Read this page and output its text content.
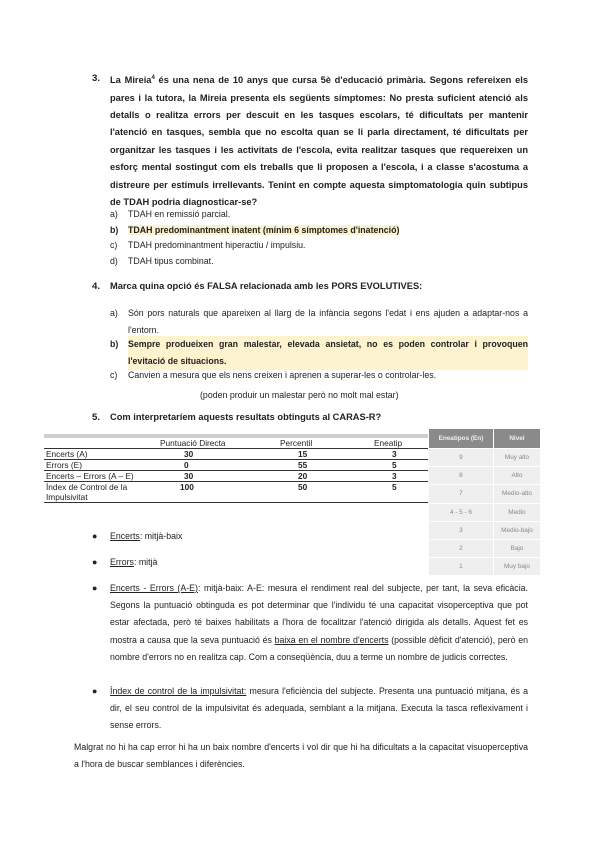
3. La Mireia$^4$ és una nena de 10 anys que cursa 5è d'educació primària. Segons refereixen els pares i la tutora, la Mireia presenta els següents símptomes: No presta suficient atenció als detalls o realitza errors per descuit en les tasques escolars, té dificultats per mantenir l'atenció en tasques, sembla que no escolta quan se li parla directament, té dificultats per organitzar les tasques i les activitats de l'escola, evita realitzar tasques que requereixen un esforç mental sostingut com els treballs que li proposen a l'escola, i a classe s'acostuma a distreure per estímuls irrellevants. Tenint en compte aquesta simptomatologia quin subtipus de TDAH podria diagnosticar-se?
a) TDAH en remissió parcial.
b) TDAH predominantment inatent (mínim 6 símptomes d'inatenció)
c) TDAH predominantment hiperactiu / impulsiu.
d) TDAH tipus combinat.
4. Marca quina opció és FALSA relacionada amb les PORS EVOLUTIVES:
a)	Són pors naturals que apareixen al llarg de la infància segons l'edat i ens ajuden a adaptar-nos a l'entorn.
b)	Sempre produeixen gran malestar, elevada ansietat, no es poden controlar i provoquen l'evitació de situacions.
c) Canvien a mesura que els nens creixen i aprenen a superar-les o controlar-les.
(poden produir un malestar però no molt mal estar)
5. Com interpretaríem aquests resultats obtinguts al CARAS-R?

	Puntuació Directa	Percentil	Eneatip
Encerts (A)	30	15	3
Errors (E)	0	55	5
Encerts – Errors (A – E)	30	20	3
Índex de Control de la Impulsivitat	100	50	5
Eneatipos (En)	Nivel
9	Muy alto
8	Alto
7	Medio-alto
4 - 5 - 6	Medio
3	Medio-bajo
2	Bajo
1	Muy bajo
● Encerts: mitjà-baix
● Errors: mitjà
● Encerts - Errors (A-E): mitjà-baix: A-E: mesura el rendiment real del subjecte, per tant, la seva eficàcia. Segons la puntuació obtinguda es pot determinar que l'individu té una capacitat visoperceptiva que pot estar afectada, però té baixes habilitats a l'hora de focalitzar l'atenció dirigida als detalls. Aquest fet es mostra a causa que la seva puntuació és baixa en el nombre d'encerts (possible dèficit d'atenció), però en nombre d'errors no en realitza cap. Com a conseqüència, duu a terme un nombre de judicis correctes.
● Índex de control de la impulsivitat: mesura l'eficiència del subjecte. Presenta una puntuació mitjana, és a dir, el seu control de la impulsivitat és adequada, semblant a la mitjana. Executa la tasca reflexivament i sense errors.
Malgrat no hi ha cap error hi ha un baix nombre d'encerts i vol dir que hi ha dificultats a la capacitat visuoperceptiva a l'hora de buscar semblances i diferències.
